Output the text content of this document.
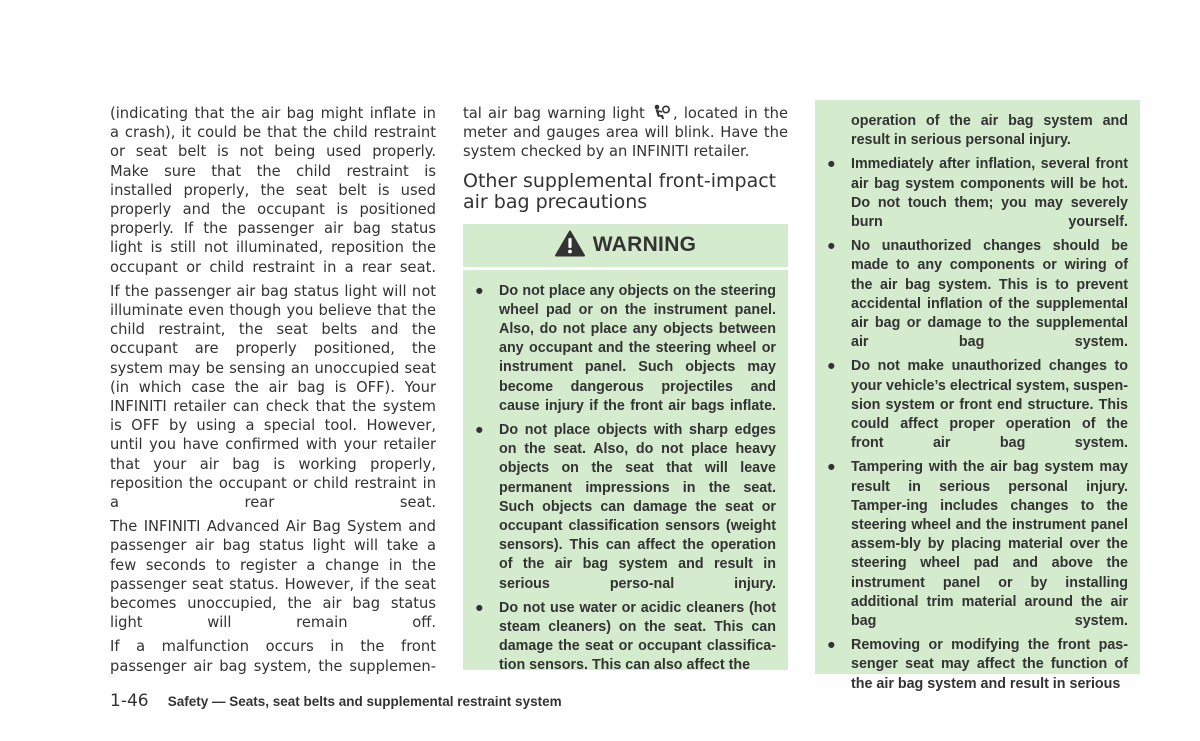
(indicating that the air bag might inflate in a crash), it could be that the child restraint or seat belt is not being used properly. Make sure that the child restraint is installed properly, the seat belt is used properly and the occupant is positioned properly. If the passenger air bag status light is still not illuminated, reposition the occupant or child restraint in a rear seat.

If the passenger air bag status light will not illuminate even though you believe that the child restraint, the seat belts and the occupant are properly positioned, the system may be sensing an unoccupied seat (in which case the air bag is OFF). Your INFINITI retailer can check that the system is OFF by using a special tool. However, until you have confirmed with your retailer that your air bag is working properly, reposition the occupant or child restraint in a rear seat.

The INFINITI Advanced Air Bag System and passenger air bag status light will take a few seconds to register a change in the passenger seat status. However, if the seat becomes unoccupied, the air bag status light will remain off.

If a malfunction occurs in the front passenger air bag system, the supplemen-

tal air bag warning light , located in the meter and gauges area will blink. Have the system checked by an INFINITI retailer.

Other supplemental front-impact air bag precautions
WARNING
● Do not place any objects on the steering wheel pad or on the instrument panel. Also, do not place any objects between any occupant and the steering wheel or instrument panel. Such objects may become dangerous projectiles and cause injury if the front air bags inflate.
● Do not place objects with sharp edges on the seat. Also, do not place heavy objects on the seat that will leave permanent impressions in the seat. Such objects can damage the seat or occupant classification sensors (weight sensors). This can affect the operation of the air bag system and result in serious perso-nal injury.
● Do not use water or acidic cleaners (hot steam cleaners) on the seat. This can damage the seat or occupant classifica-tion sensors. This can also affect the
operation of the air bag system and result in serious personal injury.
● Immediately after inflation, several front air bag system components will be hot. Do not touch them; you may severely burn yourself.
● No unauthorized changes should be made to any components or wiring of the air bag system. This is to prevent accidental inflation of the supplemental air bag or damage to the supplemental air bag system.
● Do not make unauthorized changes to your vehicle’s electrical system, suspen-sion system or front end structure. This could affect proper operation of the front air bag system.
● Tampering with the air bag system may result in serious personal injury. Tamper-ing includes changes to the steering wheel and the instrument panel assem-bly by placing material over the steering wheel pad and above the instrument panel or by installing additional trim material around the air bag system.
● Removing or modifying the front pas-senger seat may affect the function of the air bag system and result in serious
1-46 Safety — Seats, seat belts and supplemental restraint system
